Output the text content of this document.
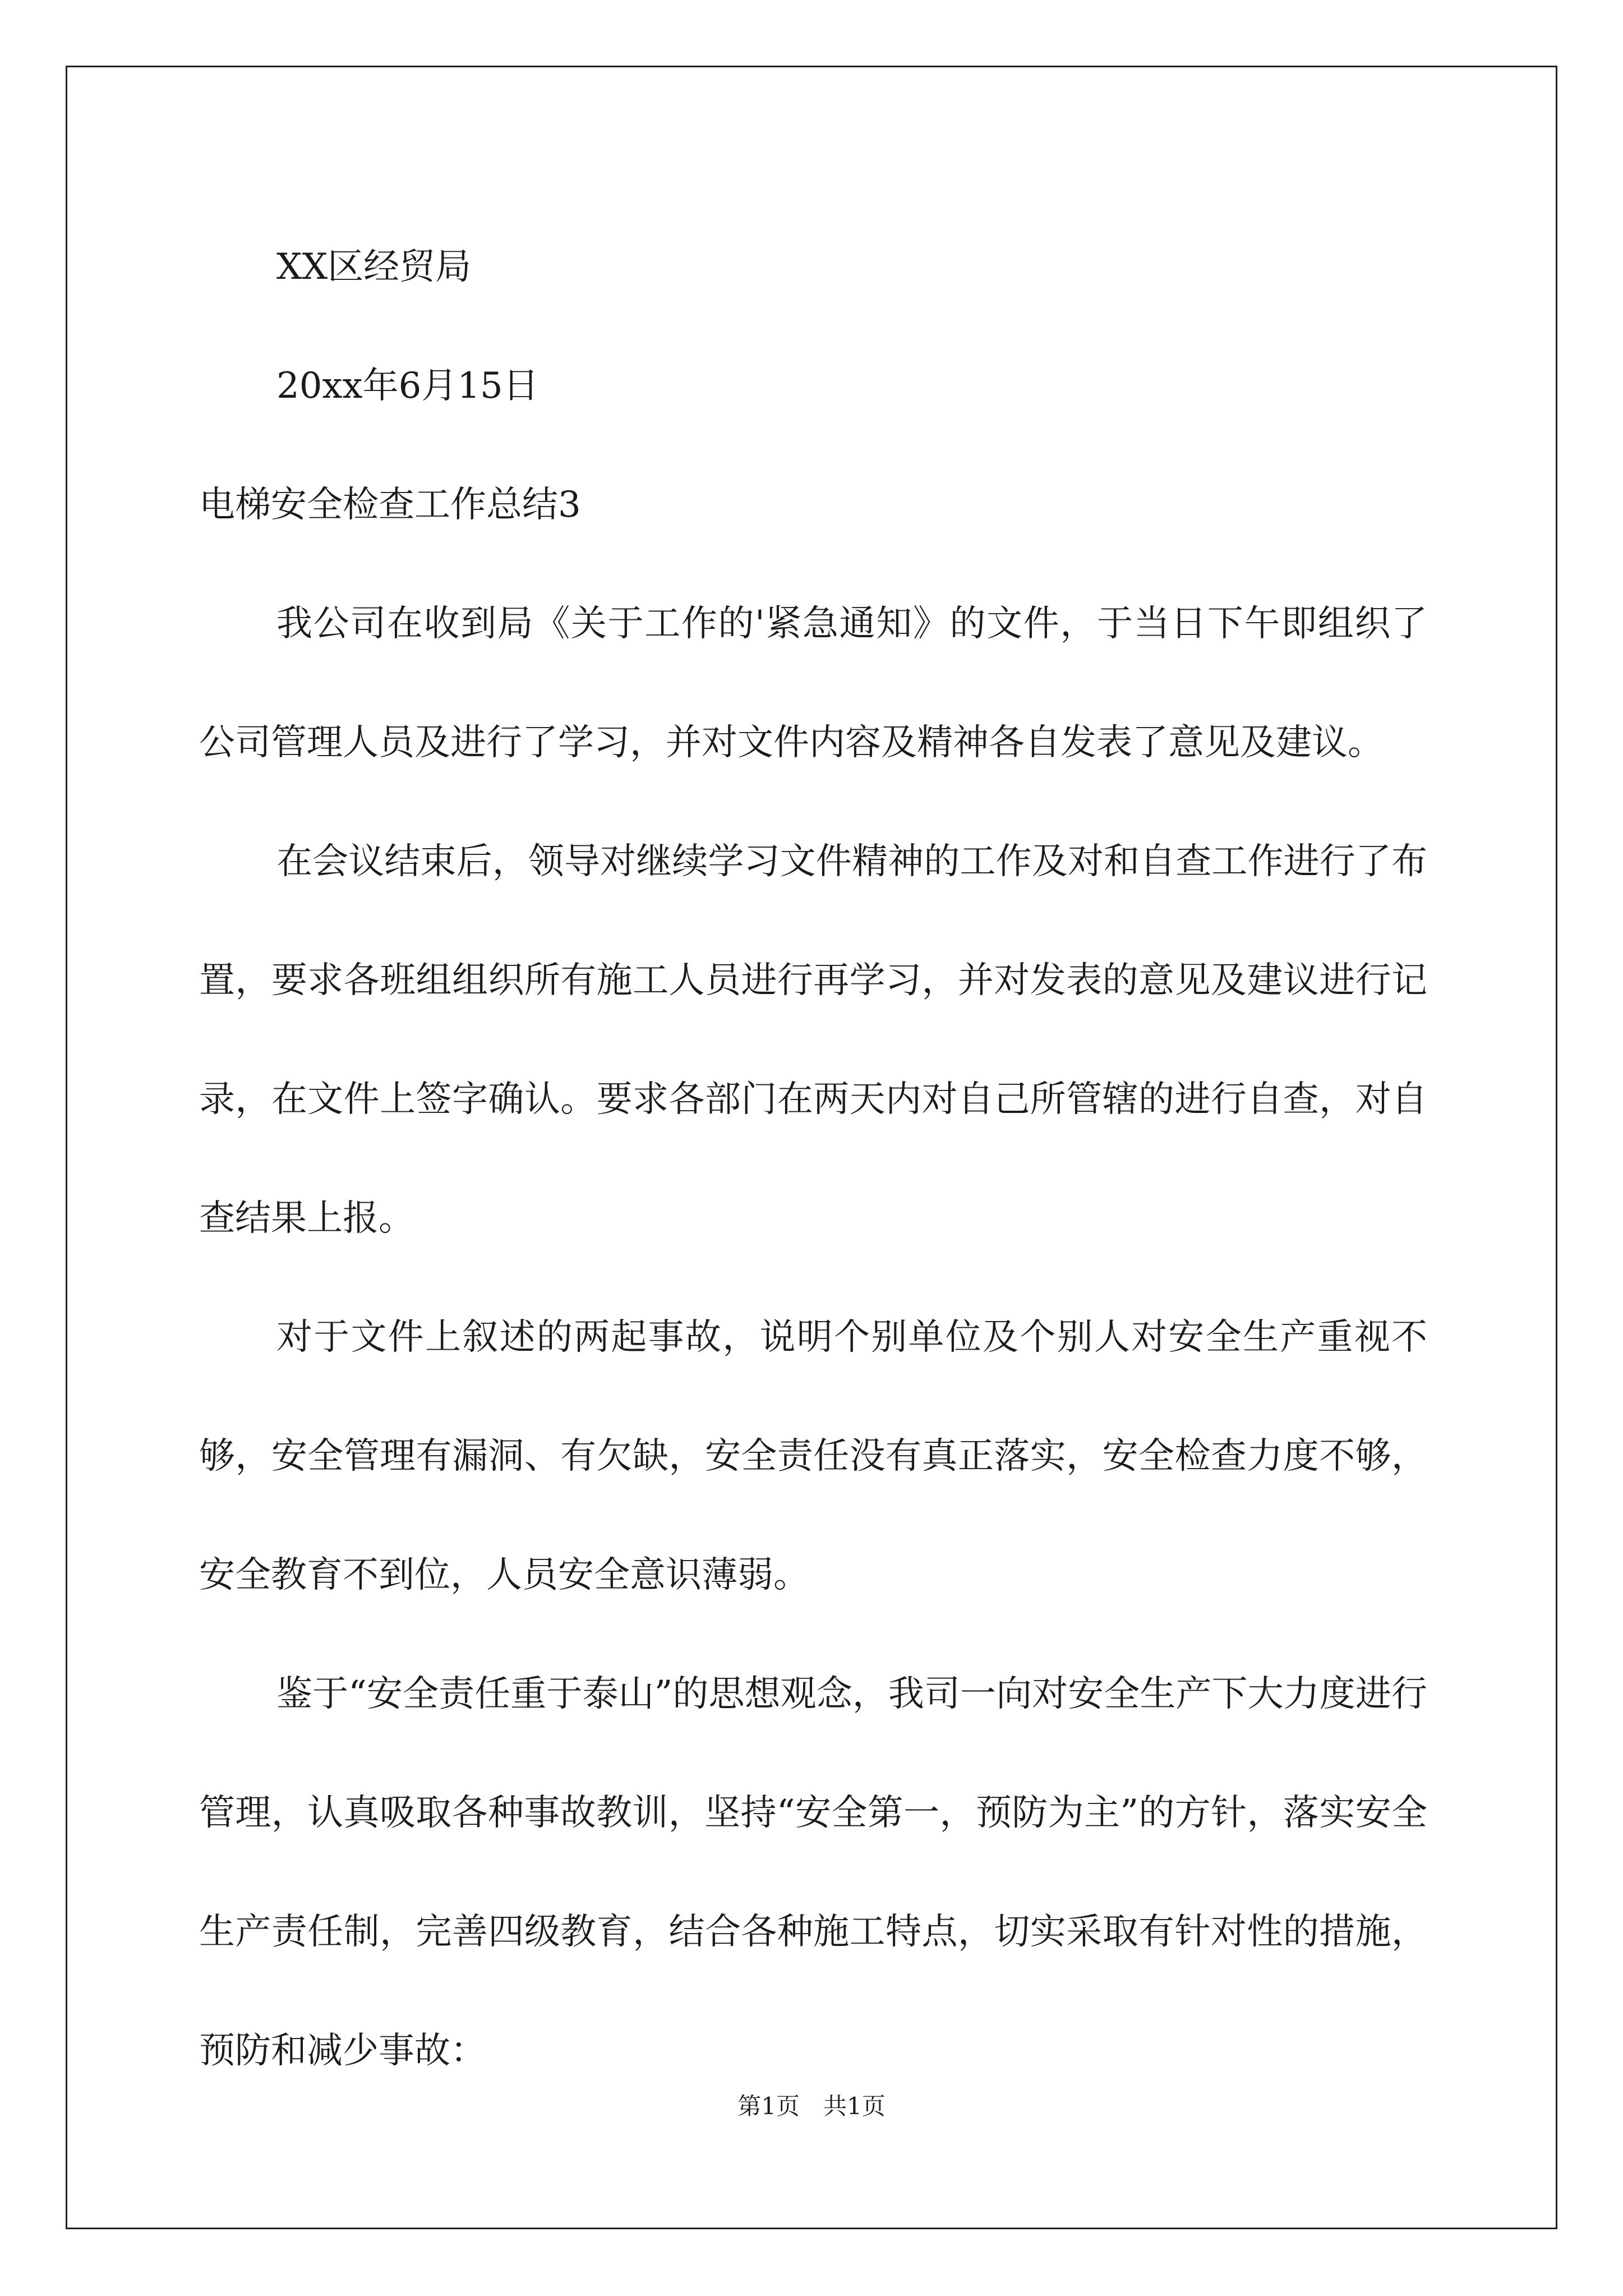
XX区经贸局
20xx年6月15日
电梯安全检查工作总结3

我公司在收到局《关于工作的'紧急通知》的文件，于当日下午即组织了公司管理人员及进行了学习，并对文件内容及精神各自发表了意见及建议。

在会议结束后，领导对继续学习文件精神的工作及对和自查工作进行了布置，要求各班组组织所有施工人员进行再学习，并对发表的意见及建议进行记录，在文件上签字确认。要求各部门在两天内对自己所管辖的进行自查，对自查结果上报。

对于文件上叙述的两起事故，说明个别单位及个别人对安全生产重视不够，安全管理有漏洞、有欠缺，安全责任没有真正落实，安全检查力度不够，安全教育不到位，人员安全意识薄弱。

鉴于“安全责任重于泰山”的思想观念，我司一向对安全生产下大力度进行管理，认真吸取各种事故教训，坚持“安全第一，预防为主”的方针，落实安全生产责任制，完善四级教育，结合各种施工特点，切实采取有针对性的措施，预防和减少事故：

第1页　共1页
